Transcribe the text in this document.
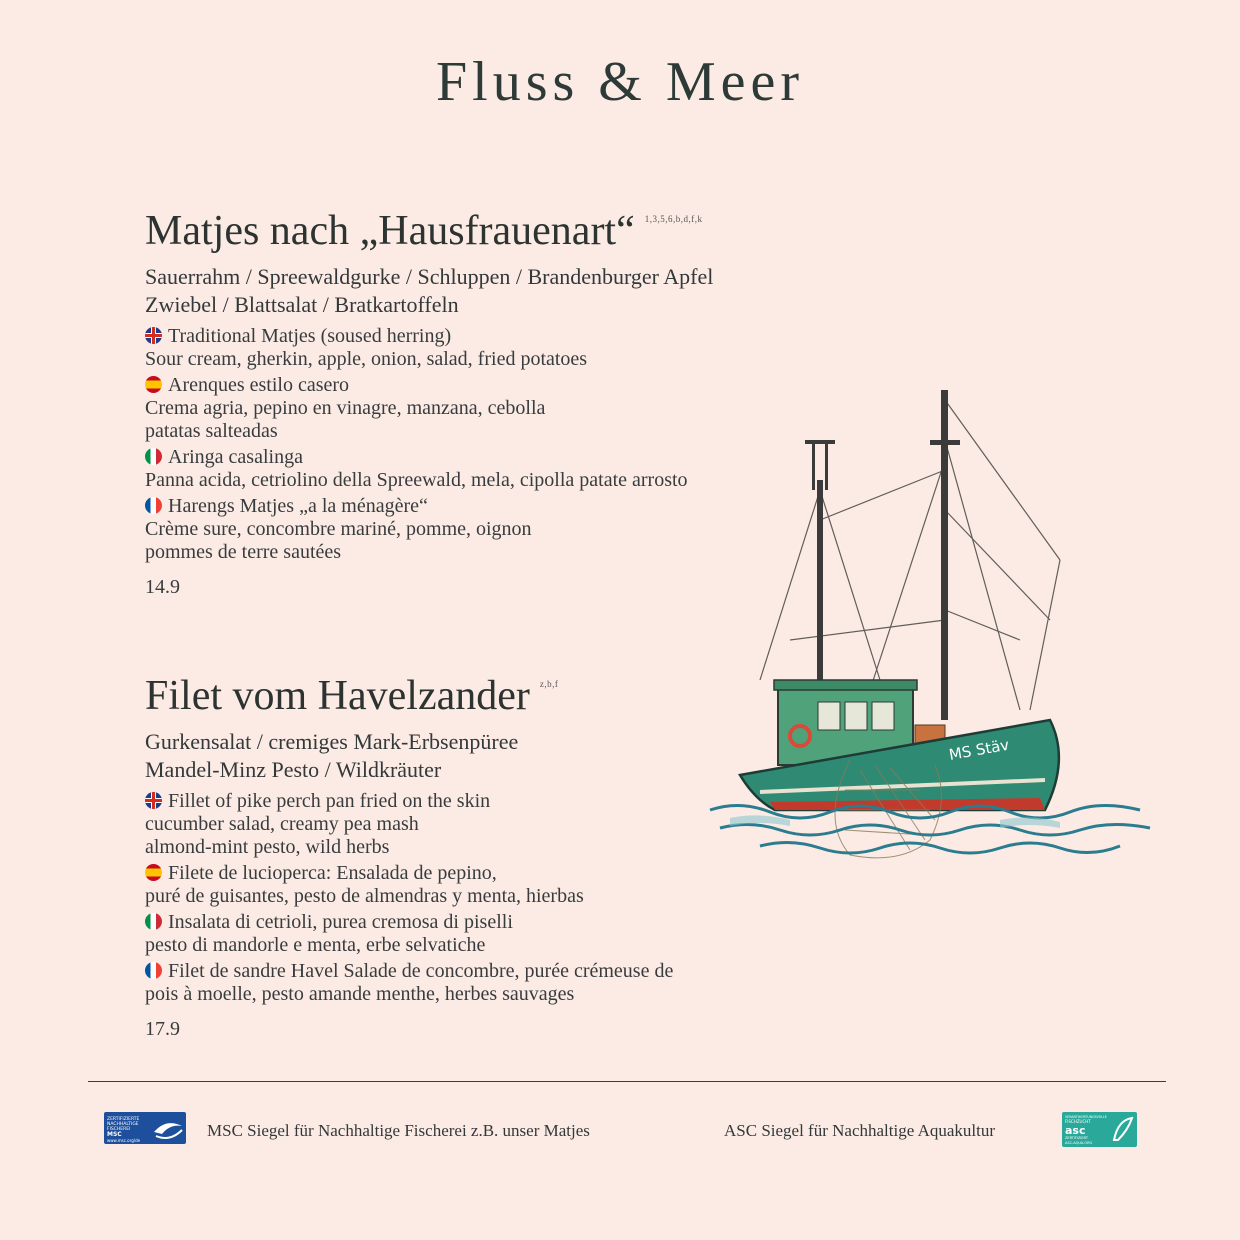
Fluss & Meer
Matjes nach „Hausfrauenart“ $^{1,3,5,6,b,d,f,k}$
Sauerrahm / Spreewaldgurke / Schluppen / Brandenburger Apfel
Zwiebel / Blattsalat / Bratkartoffeln
Traditional Matjes (soused herring)
Sour cream, gherkin, apple, onion, salad, fried potatoes
Arenques estilo casero
Crema agria, pepino en vinagre, manzana, cebolla
patatas salteadas
Aringa casalinga
Panna acida, cetriolino della Spreewald, mela, cipolla patate arrosto
Harengs Matjes „a la ménagère“
Crème sure, concombre mariné, pomme, oignon
pommes de terre sautées
14.9
Filet vom Havelzander $^{z,b,f}$
Gurkensalat / cremiges Mark-Erbsenpüree
Mandel-Minz Pesto / Wildkräuter
Fillet of pike perch pan fried on the skin
cucumber salad, creamy pea mash
almond-mint pesto, wild herbs
Filete de lucioperca: Ensalada de pepino,
puré de guisantes, pesto de almendras y menta, hierbas
Insalata di cetrioli, purea cremosa di piselli
pesto di mandorle e menta, erbe selvatiche
Filet de sandre Havel Salade de concombre, purée crémeuse de
pois à moelle, pesto amande menthe, herbes sauvages
17.9
MS Stäv
ZERTIFIZIERTE
NACHHALTIGE
FISCHEREI
MSC
www.msc.org/de
MSC Siegel für Nachhaltige Fischerei z.B. unser Matjes	ASC Siegel für Nachhaltige Aquakultur
VERANTWORTUNGSVOLLE
FISCHZUCHT
asc
ZERTIFIZIERT
ASC-AQUA.ORG
